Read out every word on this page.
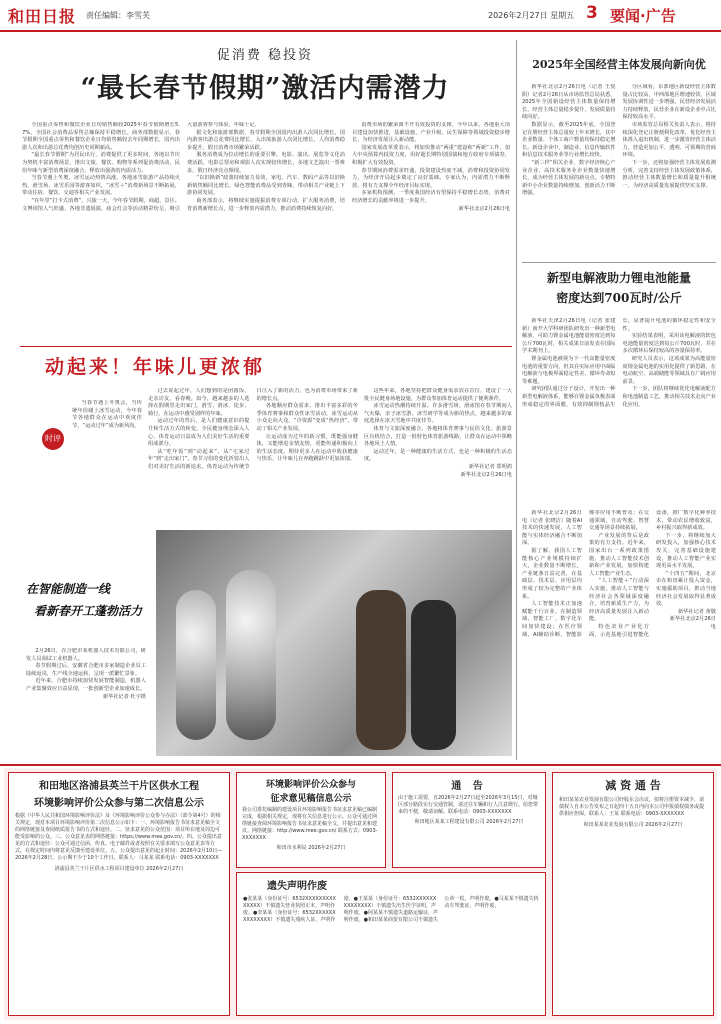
和田日报 责任编辑：李雪芙	2026年2月27日 星期五 3 要闻·广告
促消费 稳投资
“最长春节假期”激活内需潜力

全国重点零售和餐饮企业日均销售额较2025年春节假期增长5.7%，全国社会消费品零售总额保持平稳增长。商务部数据显示，春节假期全国重点零售和餐饮企业日均销售额较去年同期增长，国内出游人次和出游总花费均创历史同期新高。

“最长春节假期”为居民出行、消费提供了更多时间，各地以节庆为契机丰富消费场景，推出文旅、餐饮、购物等系列促消费活动，民俗年味与新型消费深度融合，释放出强劲的内需活力。

当春节遇上冬奥，冰雪运动热情高涨。各地冰雪旅游产品持续火热，滑雪场、冰雪乐园等游客如织，“冰雪＋”消费新场景不断拓展，带动住宿、餐饮、交通等相关产业发展。

“在年里”打卡式消费”，兴旅一天。今年春节假期，商超、景区、文博场馆人气旺盛，各地非遗展演、庙会灯会等活动精彩纷呈，吸引大量游客参与体验，年味十足。

据文化和旅游部数据，春节假期全国国内出游人次同比增长，国内游客出游总花费同比增长，入出境旅游人次同比增长，人均消费稳步提升，假日消费市场繁荣活跃。

服务消费成为拉动增长的重要引擎。电影、演出、展览等文化消费活跃，电影总票房和观影人次实现较快增长，多地文艺演出一票难求，假日经济亮点频现。

“以旧换新”政策持续加力显效。家电、汽车、数码产品等以旧换新销售额同比增长，绿色智能消费品受到青睐，带动相关产业链上下游协同发展。

商务部表示，将继续实施提振消费专项行动，扩大服务消费，培育消费新增长点，进一步释放内需潜力，推动消费持续恢复向好。

消费市场的繁荣离不开有效投资的支撑。今年以来，各地重大项目建设加快推进，基础设施、产业升级、民生保障等领域投资稳步增长，为经济发展注入新动能。

国家发展改革委表示，将加快推动“两重”建设和“两新”工作，加大中央预算内投资力度，用好超长期特别国债和地方政府专项债券，积极扩大有效投资。

春节期间消费需求旺盛，投资建设热度不减，消费和投资协同发力，为经济开局起步奠定了良好基础。专家认为，内需潜力不断释放，将有力支撑全年经济目标实现。

多家机构预测，一季度我国经济有望保持平稳增长态势，消费对经济增长的贡献率将进一步提升。

新华社北京2月26日电

2025年全国经营主体发展向新向优

新华社北京2月26日电（记者 王悦阳）记者2月26日从市场监管总局获悉，2025年全国新设经营主体数量保持增长，经营主体总量稳步提升，发展质量持续向好。

数据显示，截至2025年底，全国登记在册经营主体总量较上年末增长，其中企业数量、个体工商户数量均保持稳定增长。新设企业中，制造业、信息传输软件和信息技术服务业等行业增长较快。

“新三样”相关企业、数字经济核心产业企业、高技术服务业企业数量快速增长，成为经营主体发展的新亮点。专精特新中小企业数量持续增加，创新活力不断增强。

分区域看，东部地区新设经营主体数量占比较高，中西部地区增速较快，区域发展协调性进一步增强。民营经济发展活力持续释放，民营企业在新设企业中占比保持较高水平。

市场监管总局相关负责人表示，将持续深化登记注册便利化改革，优化经营主体准入退出机制，进一步激发经营主体活力，营造更加公平、透明、可预期的营商环境。

下一步，还将加强经营主体发展监测分析，完善支持经营主体发展政策体系，推动经营主体数量增长和质量提升相统一，为经济高质量发展提供坚实支撑。

新型电解液助力锂电池能量
密度达到700瓦时/公斤

新华社天津2月26日电（记者 张建新）南开大学科研团队研发出一种新型电解液，可助力锂金属电池能量密度达到每公斤700瓦时，相关成果日前发表在国际学术期刊上。

锂金属电池被视为下一代高能量密度电池的重要方向，但其在实际应用中面临电解液与电极界面稳定性差、循环寿命短等难题。

研究团队通过分子设计，开发出一种新型电解液体系，能够在锂金属负极表面形成稳定的界面膜，有效抑制锂枝晶生长，显著提升电池的循环稳定性和安全性。

实验结果表明，采用该电解液的软包电池能量密度达到每公斤700瓦时，并在多次循环后保持较高的容量保持率。

研究人员表示，这项成果为高能量密度锂金属电池的实用化提供了新思路，在电动航空、高端储能等领域具有广阔应用前景。

下一步，团队将继续优化电解液配方和电池制造工艺，推动相关技术走向产业化应用。

动起来！年味儿更浓郁
时评

当春节遇上冬奥会，当传统年俗碰上冰雪运动，今年春节各地群众在运动中欢度佳节，“运动过年”成为新风尚。

过去说起过年，人们想到的是团圆饭、走亲访友、看春晚。如今，越来越多的人选择在假期里走出家门，滑雪、滑冰、徒步、骑行，在运动中感受别样的年味。

运动过年的背后，是人们健康意识的提升和生活方式的转变。全民健身理念深入人心，体育运动日益成为人们美好生活的重要组成部分。

从“吃年饭”到“动起来”，从“宅家过年”到“走出家门”，春节习俗的变化折射出人们对美好生活的新追求。体育运动为传统节日注入了新的活力，也为消费市场带来了新的增长点。

各地顺应群众需求，推出丰富多彩的冬季体育赛事和群众性冰雪活动，冰雪运动从小众走向大众，“冷资源”变成“热经济”，带动了相关产业发展。

让运动成为过年的新习惯，既能强身健体，又能增进亲情友情，更能传递积极向上的生活态度。期待更多人在运动中收获健康与快乐，让年味儿在奔跑跳跃中更加浓郁。

这些年来，各地坚持把群众健身需求放在首位，建设了一大批全民健身场地设施，为群众参加体育运动提供了便利条件。

冰雪运动热潮持续升温。许多滑雪场、滑冰馆在春节期间人气火爆，亲子冰雪游、冰雪研学等成为新的热点，越来越多的家庭选择在冰天雪地中共度佳节。

体育与文旅深度融合。各地将体育赛事与民俗文化、旅游景区有机结合，打造一批特色体育旅游线路，让群众在运动中领略各地风土人情。

运动过年，是一种健康的生活方式，也是一种积极的生活态度。

新华社记者 郑明鸿

新华社北京2月26日电

在智能制造一线
看新春开工蓬勃活力

2月26日，在合肥市某机器人技术有限公司，研发人员调试工业机器人。

春节假期过后，安徽省合肥市多家制造企业员工陆续返岗，生产线全速运转，呈现一派繁忙景象。

近年来，合肥市持续加快发展智能制造，机器人产业集聚效应日益显现，一批创新型企业加速成长。

新华社记者 杜宇摄

新华社北京2月26日电（记者 张晓洁）随着AI技术的快速发展，人工智能与实体经济融合不断加深。

据了解，我国人工智能核心产业规模持续扩大，企业数量不断增长，产业链条日益完善，在基础层、技术层、应用层均形成了较为完整的产业体系。

人工智能技术正加速赋能千行百业。在制造领域，智能工厂、数字化车间加快建设；在医疗领域，AI辅助诊断、智能影像等应用不断普及；在交通领域，自动驾驶、智慧交通等场景持续拓展。

产业发展的背后是政策的有力支持。近年来，国家出台一系列政策措施，推动人工智能技术创新和产业发展，加快构建人工智能产业生态。

“人工智能＋”行动深入实施，推动人工智能与经济社会各领域深度融合，培育新质生产力，为经济高质量发展注入新动能。

特色农业产业化方面，示范基地引进智能化设备，推广数字化种养技术，带动农民增收致富，乡村振兴取得新成效。

下一步，将继续加大研发投入，加强核心技术攻关，完善基础设施建设，推动人工智能产业实现更高水平发展。

“十四五”期间，北京市在和田累计投入资金，实施援助项目，推动当地经济社会发展取得显著成效。

新华社记者 黄敬

新华社北京2月26日电

和田地区洛浦县英兰干片区供水工程
环境影响评价公众参与第二次信息公示
根据《中华人民共和国环境影响评价法》及《环境影响评价公众参与办法》（部令第4号）的相关规定，现对本项目环境影响评价第二次信息公示如下：一、环境影响报告书征求意见稿全文的网络链接及查阅纸质报告书的方式和途径。二、征求意见的公众范围：项目所在地及周边可能受影响的公众。三、公众意见表的网络链接：https://www.mee.gov.cn/。四、公众提出意见的方式和途径：公众可通过信函、传真、电子邮件或者按照有关要求填写公众意见表等方式，在规定时间内将意见反馈至建设单位。五、公众提出意见的起止时间：2026年2月10日—2026年2月28日，公示期不少于10个工作日。联系人：马某某 联系电话：0903-XXXXXXX
洛浦县英兰干片区供水工程项目建设单位 2026年2月27日
环境影响评价公众参与
征求意见稿信息公示
我公司委托编制的建设项目环境影响报告书征求意见稿已编制完成，根据相关规定，现将有关信息进行公示，公众可通过网络链接查阅环境影响报告书征求意见稿全文，并提出意见和建议。网络链接：http://www.mee.gov.cn/ 联系方式：0903-XXXXXXX
和田市水利局 2026年2月27日
遗失声明作废
●张某某（身份证号：6532XXXXXXXXXXXXXX）不慎遗失营业执照正本，声明作废。●李某某（身份证号：6532XXXXXXXXXXXXXX）不慎遗失残疾人证，声明作废。●王某某（身份证号：6532XXXXXXXXXXXXXX）不慎遗失出生医学证明，声明作废。●阿某某不慎遗失道路运输证，声明作废。●和田某某商贸有限公司不慎遗失公章一枚，声明作废。●马某某不慎遗失机动车驾驶证，声明作废。
通 告
由于施工需要，自2026年2月27日起至2026年3月15日，对城区部分路段实行交通管制，请过往车辆和行人注意绕行。给您带来的不便，敬请谅解。联系电话：0903-XXXXXXX
和田地区某某工程建设有限公司 2026年2月27日
减 资 通 告
和田某某农业发展有限公司经股东会决议，拟将注册资本减少，请债权人自本公告发布之日起四十五日内向本公司申报债权债务或提供相应担保。联系人：王某 联系电话：0903-XXXXXXX
和田某某农业发展有限公司 2026年2月27日
